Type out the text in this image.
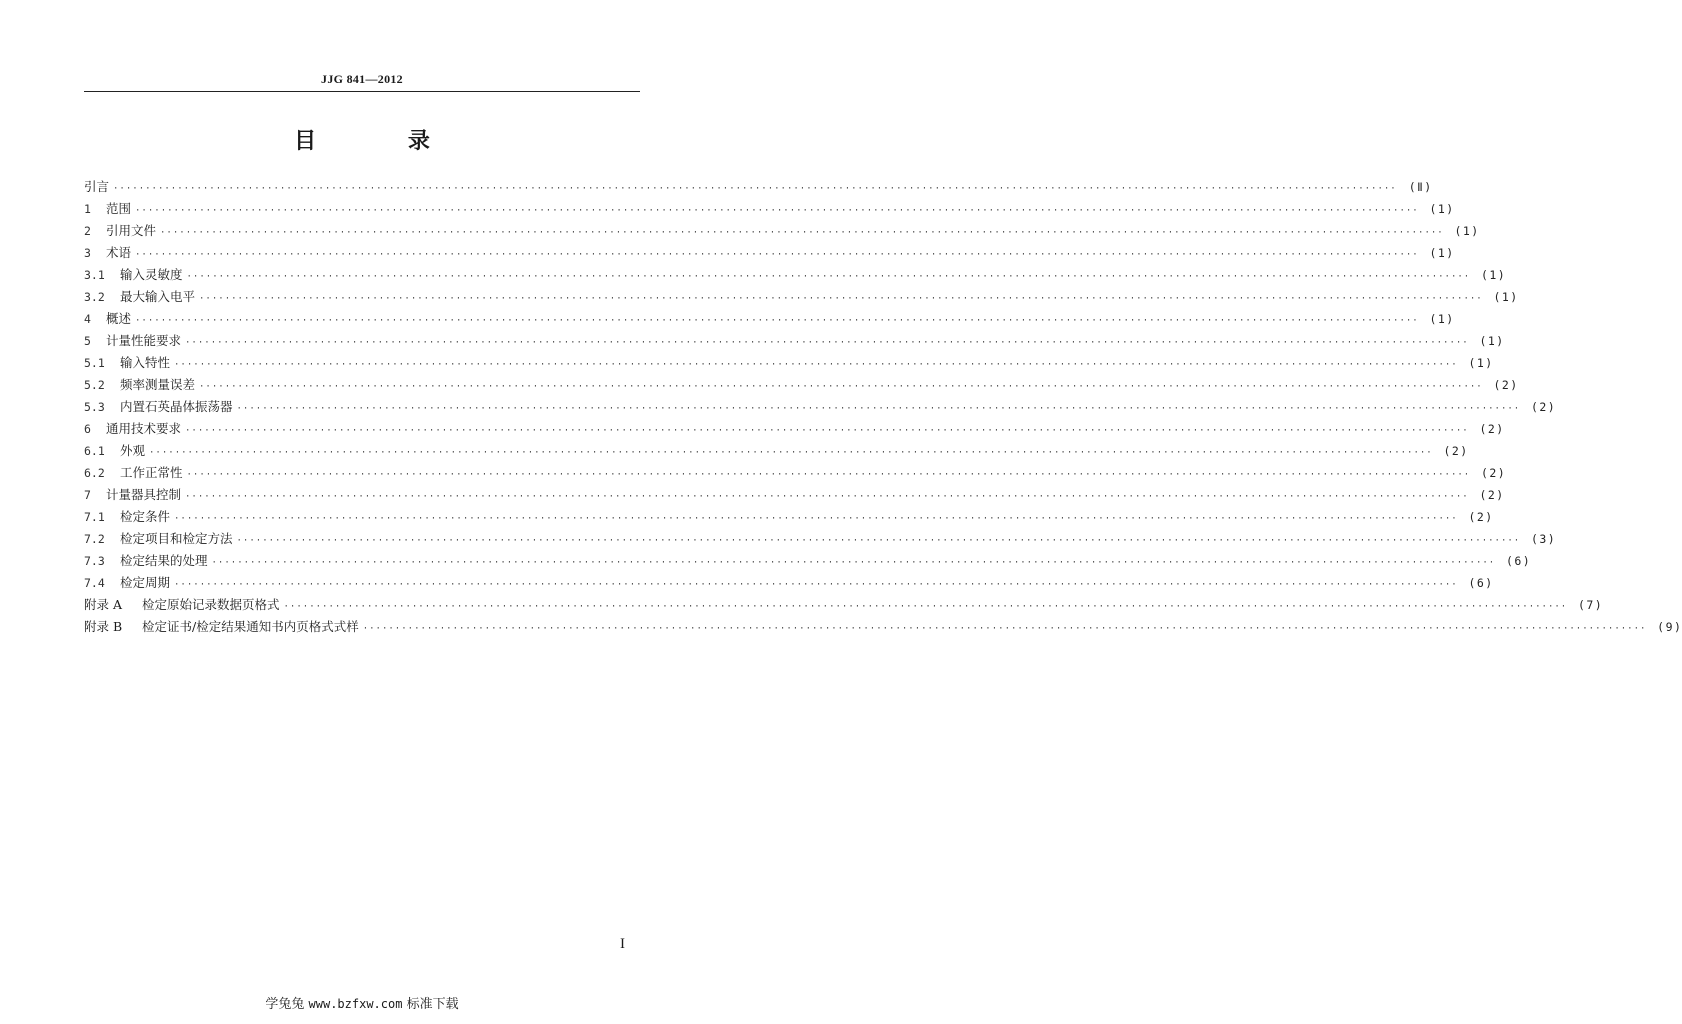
JJG 841—2012
目 录
引言 ········································································································································································································	(Ⅱ)
1	范围 ········································································································································································································ (1)
2	引用文件 ········································································································································································································ (1)
3	术语 ········································································································································································································ (1)
3.1	输入灵敏度 ········································································································································································································ (1)
3.2	最大输入电平 ········································································································································································································ (1)
4	概述 ········································································································································································································ (1)
5	计量性能要求 ········································································································································································································ (1)
5.1	输入特性 ········································································································································································································ (1)
5.2	频率测量误差 ········································································································································································································ (2)
5.3	内置石英晶体振荡器 ········································································································································································································ (2)
6	通用技术要求 ········································································································································································································ (2)
6.1	外观 ········································································································································································································ (2)
6.2	工作正常性 ········································································································································································································ (2)
7	计量器具控制 ········································································································································································································ (2)
7.1	检定条件 ········································································································································································································ (2)
7.2	检定项目和检定方法 ········································································································································································································ (3)
7.3	检定结果的处理 ········································································································································································································ (6)
7.4	检定周期 ········································································································································································································ (6)
附录 A	检定原始记录数据页格式 ········································································································································································································ (7)
附录 B	检定证书/检定结果通知书内页格式式样 ········································································································································································································ (9)
I
学兔兔 www.bzfxw.com 标准下载
